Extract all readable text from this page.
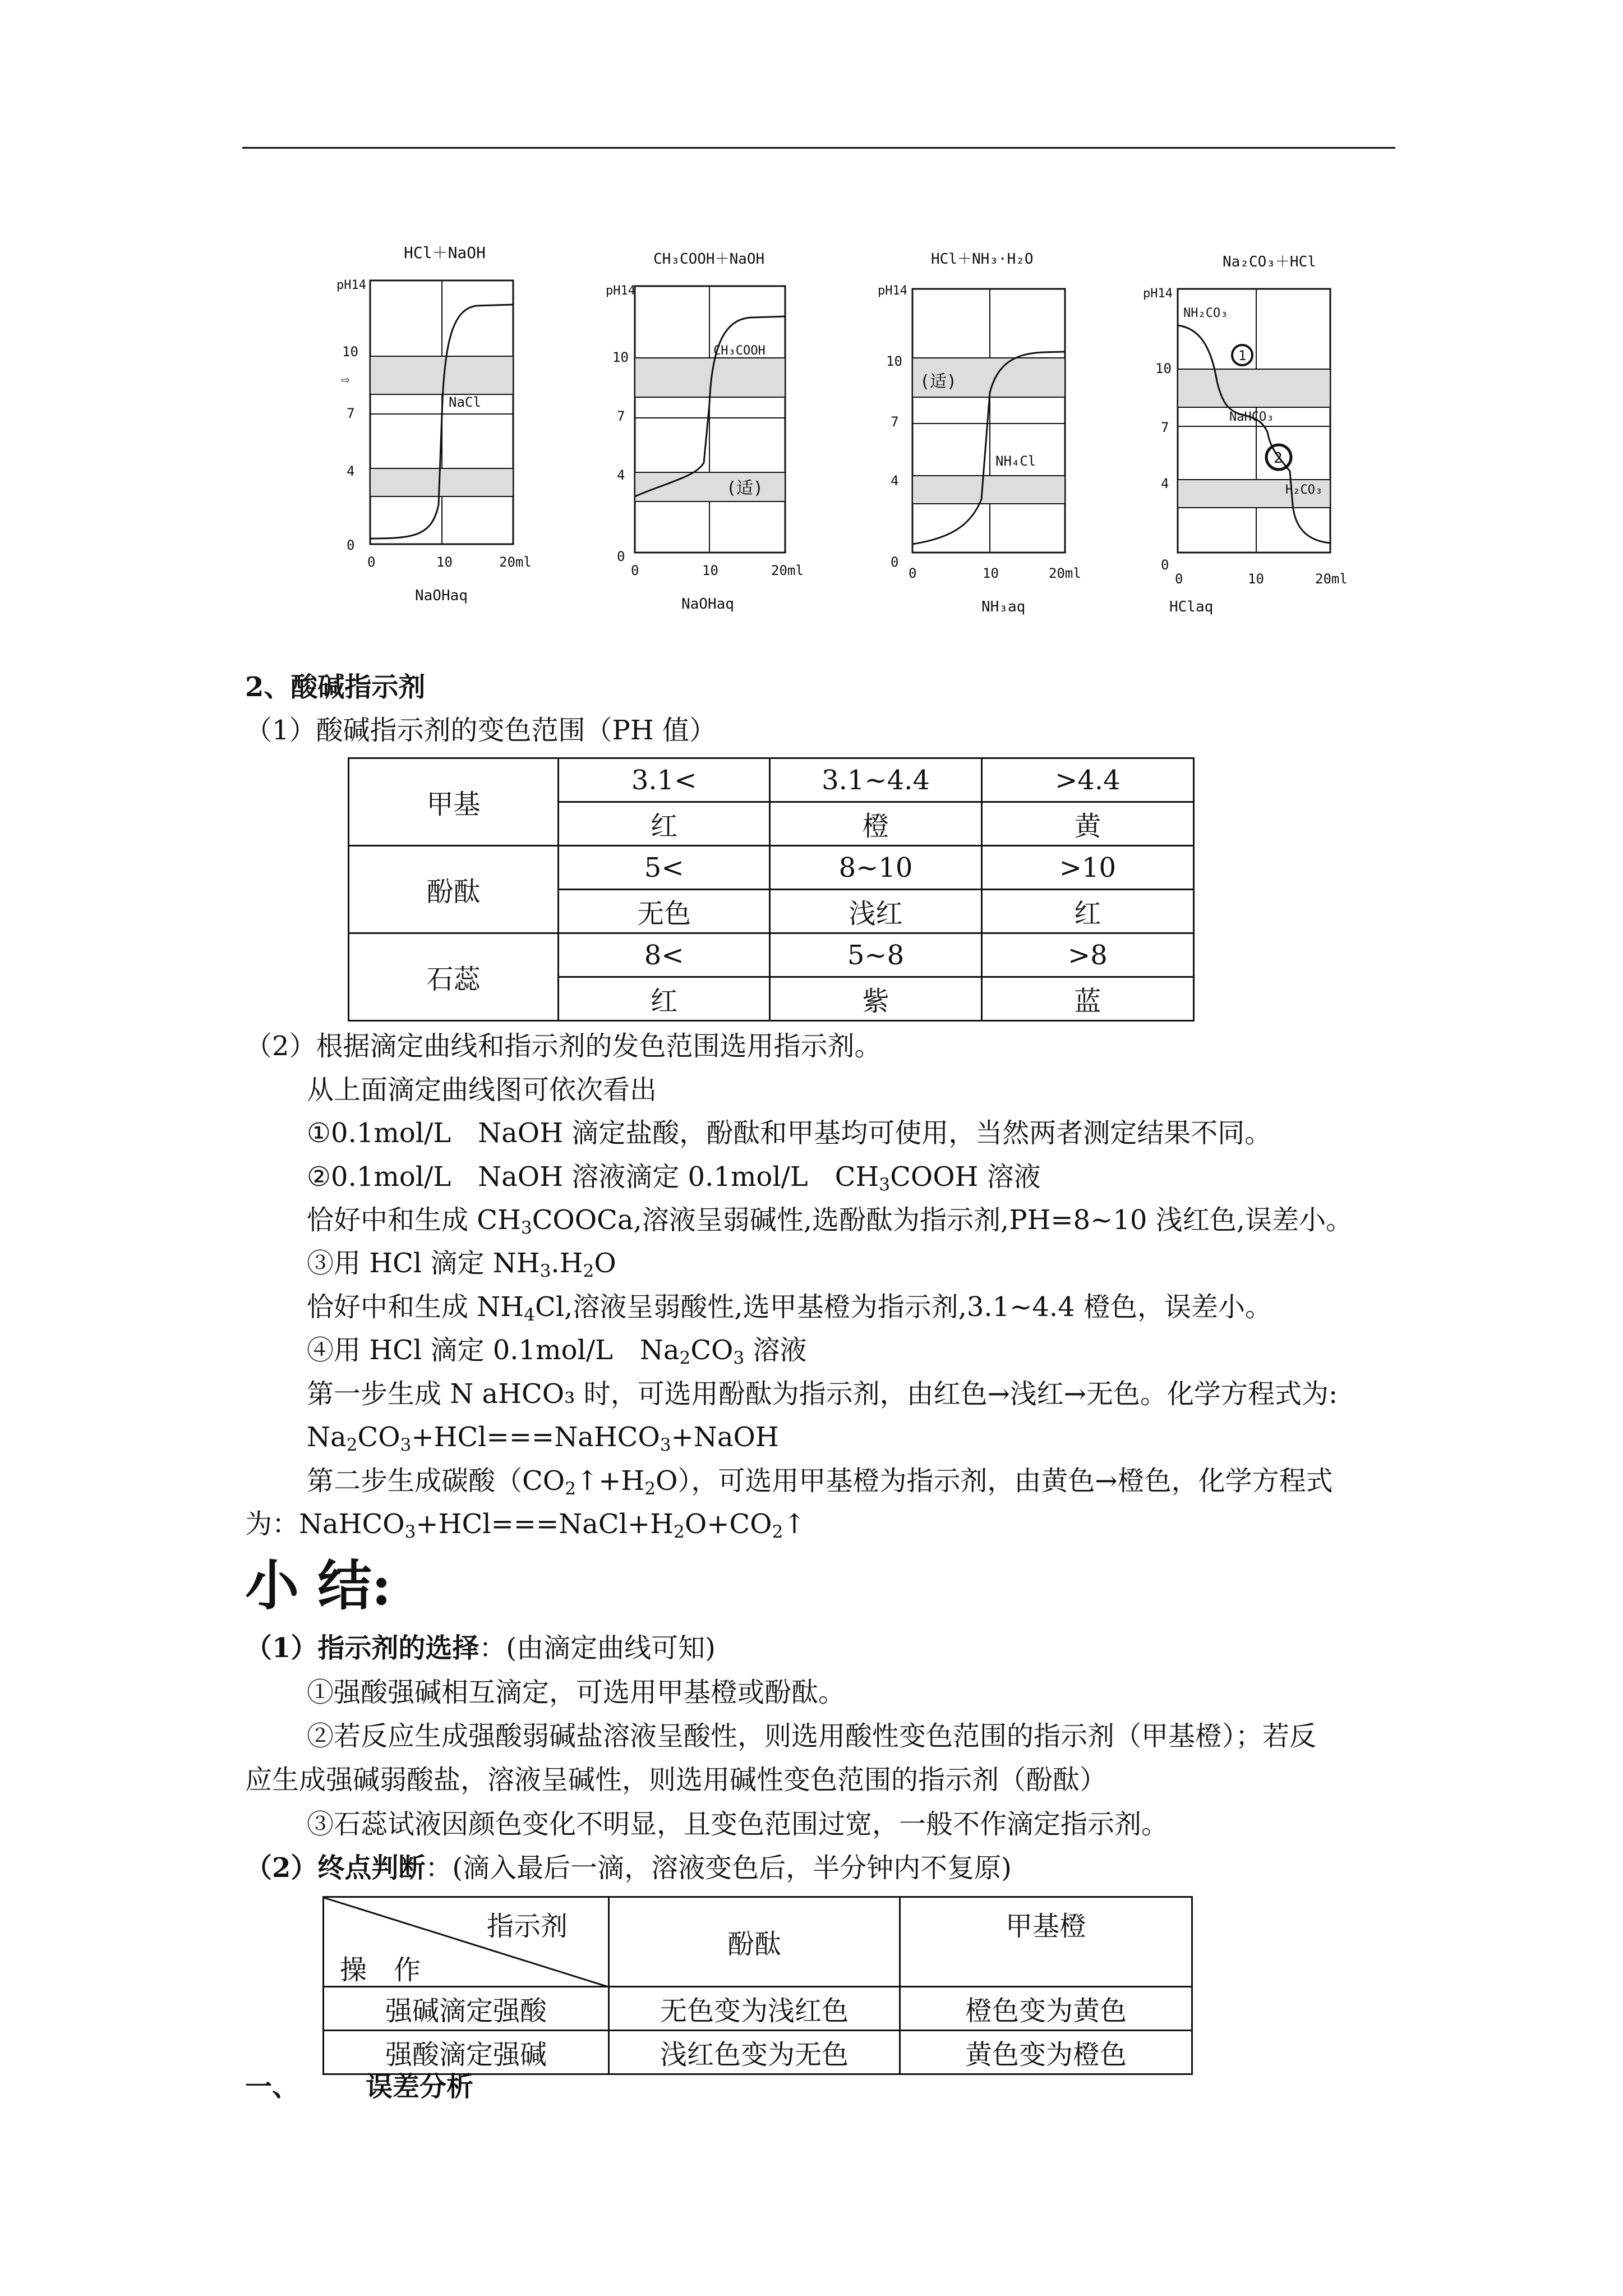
HCl＋NaOH
pH14
10
7
4
0
⇨
0	10	20ml
NaOHaq
NaCl
CH₃COOH＋NaOH
pH14
10
7
4
0
0	10	20ml
NaOHaq
CH₃COOH
(适)
HCl＋NH₃·H₂O
pH14
10
7
4
0
0	10	20ml
NH₃aq
NH₄Cl
(适)
Na₂CO₃＋HCl
pH14
10
7
4
0
0	10	20ml
HClaq
NH₂CO₃
NaHCO₃
H₂CO₃
1
2
2、酸碱指示剂
（1）酸碱指示剂的变色范围（PH 值）
甲基	3.1<	3.1~4.4	>4.4
	红	橙	黄
酚酞	5<	8~10	>10
	无色	浅红	红
石蕊	8<	5~8	>8
	红	紫	蓝
（2）根据滴定曲线和指示剂的发色范围选用指示剂。
从上面滴定曲线图可依次看出
①0.1mol/L　NaOH 滴定盐酸，酚酞和甲基均可使用，当然两者测定结果不同。
②0.1mol/L　NaOH 溶液滴定 0.1mol/L　$CH_3COOH$ 溶液
恰好中和生成 $CH_3COOCa$,溶液呈弱碱性,选酚酞为指示剂,PH=8~10 浅红色,误差小。
③用 HCl 滴定 $NH_3.H_2O$
恰好中和生成 $NH_4Cl$,溶液呈弱酸性,选甲基橙为指示剂,3.1~4.4 橙色，误差小。
④用 HCl 滴定 0.1mol/L　$Na_2CO_3$ 溶液
第一步生成 N aHCO₃ 时，可选用酚酞为指示剂，由红色→浅红→无色。化学方程式为:
$Na_2CO_3+HCl===NaHCO_3+NaOH$
第二步生成碳酸$(CO_2↑+H_2O)$，可选用甲基橙为指示剂，由黄色→橙色，化学方程式
为：$NaHCO_3+HCl===NaCl+H_2O+CO_2↑$
小 结:
（1）指示剂的选择：(由滴定曲线可知)
①强酸强碱相互滴定，可选用甲基橙或酚酞。
②若反应生成强酸弱碱盐溶液呈酸性，则选用酸性变色范围的指示剂（甲基橙）；若反
应生成强碱弱酸盐，溶液呈碱性，则选用碱性变色范围的指示剂（酚酞）
③石蕊试液因颜色变化不明显，且变色范围过宽，一般不作滴定指示剂。
（2）终点判断：(滴入最后一滴，溶液变色后，半分钟内不复原)
指示剂
操　作	酚酞	甲基橙
强碱滴定强酸	无色变为浅红色	橙色变为黄色
强酸滴定强碱	浅红色变为无色	黄色变为橙色
一、 误差分析
